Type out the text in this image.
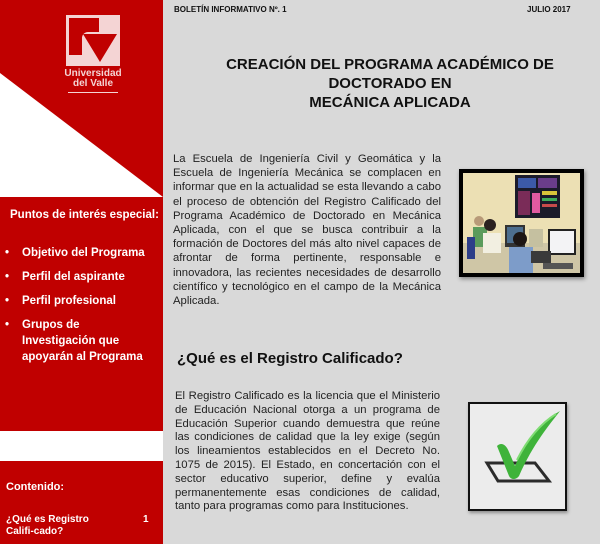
Universidad
del Valle
Puntos de interés especial:
• Objetivo del Programa
• Perfil del aspirante
• Perfil profesional
• Grupos de Investigación que apoyarán al Programa
Contenido:
¿Qué es Registro Califi-cado?
1
BOLETÍN INFORMATIVO Nº. 1	JULIO 2017
CREACIÓN DEL PROGRAMA ACADÉMICO DE
DOCTORADO EN
MECÁNICA APLICADA
La Escuela de Ingeniería Civil y Geomática y la Escuela de Ingeniería Mecánica se complacen en informar que en la actualidad se esta llevando a cabo el proceso de obtención del Registro Calificado del Programa Académico de Doctorado en Mecánica Aplicada, con el que se busca contribuir a la formación de Doctores del más alto nivel capaces de afrontar de forma pertinente, responsable e innovadora, las recientes necesidades de desarrollo científico y tecnológico en el campo de la Mecánica Aplicada.
¿Qué es el Registro Calificado?
El Registro Calificado es la licencia que el Ministerio de Educación Nacional otorga a un programa de Educación Superior cuando demuestra que reúne las condiciones de calidad que la ley exige (según los lineamientos establecidos en el Decreto No. 1075 de 2015). El Estado, en concertación con el sector educativo superior, define y evalúa permanentemente esas condiciones de calidad, tanto para programas como para Instituciones.
